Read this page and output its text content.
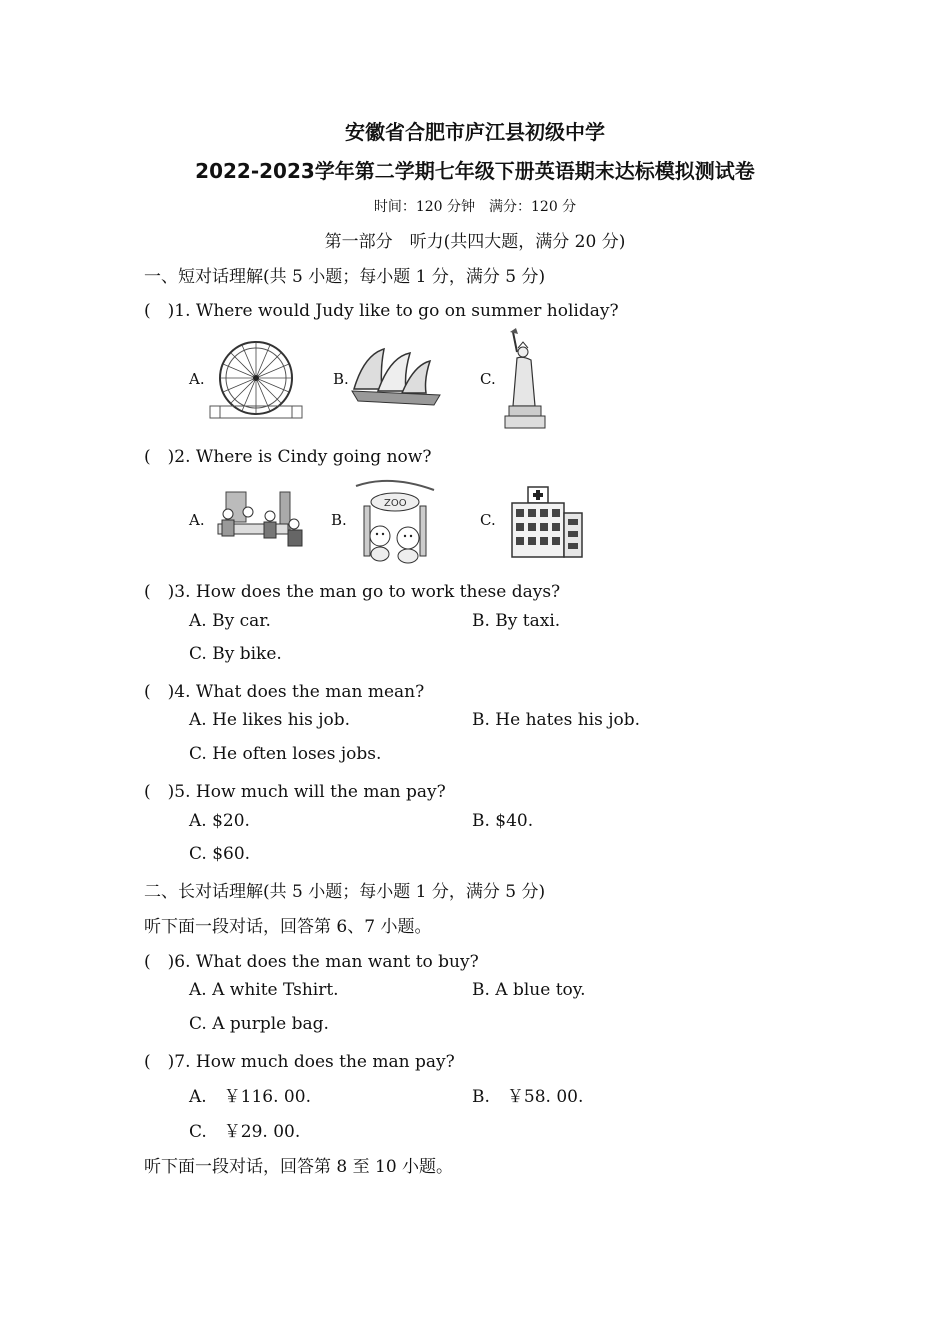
安徽省合肥市庐江县初级中学
2022-2023学年第二学期七年级下册英语期末达标模拟测试卷
时间：120 分钟　满分：120 分
第一部分　听力(共四大题，满分 20 分)
一、短对话理解(共 5 小题；每小题 1 分，满分 5 分)
(　)1. Where would Judy like to go on summer holiday?
A.	B.	C.
(　)2. Where is Cindy going now?
A.	B.
ZOO
C.
(　)3. How does the man go to work these days?
A. By car.	B. By taxi.
C. By bike.
(　)4. What does the man mean?
A. He likes his job.	B. He hates his job.
C. He often loses jobs.
(　)5. How much will the man pay?
A. $20.	B. $40.
C. $60.
二、长对话理解(共 5 小题；每小题 1 分，满分 5 分)
听下面一段对话，回答第 6、7 小题。
(　)6. What does the man want to buy?
A. A white Tshirt.	B. A blue toy.
C. A purple bag.
(　)7. How much does the man pay?
A.　￥116. 00.	B.　￥58. 00.
C.　￥29. 00.
听下面一段对话，回答第 8 至 10 小题。
